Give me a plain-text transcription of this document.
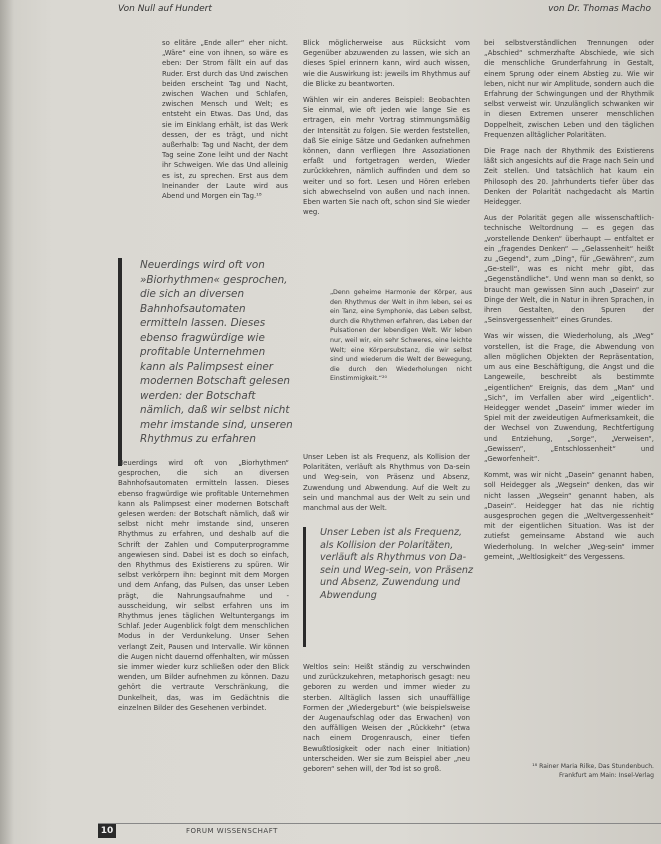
Von Null auf Hundert	von Dr. Thomas Macho

so elitäre „Ende aller“ eher nicht. „Wäre“ eine von ihnen, so wäre es eben: Der Strom fällt ein auf das Ruder. Erst durch das Und zwischen beiden erscheint Tag und Nacht, zwischen Wachen und Schlafen, zwischen Mensch und Welt; es entsteht ein Etwas. Das Und, das sie im Einklang erhält, ist das Werk dessen, der es trägt, und nicht außerhalb: Tag und Nacht, der dem Tag seine Zone leiht und der Nacht ihr Schweigen. Wie das Und alleinig es ist, zu sprechen. Erst aus dem Ineinander der Laute wird aus Abend und Morgen ein Tag.¹⁸

Neuerdings wird oft von »Biorhythmen« gesprochen, die sich an diversen Bahnhofsautomaten ermitteln lassen. Dieses ebenso fragwürdige wie profitable Unternehmen kann als Palimpsest einer modernen Botschaft gelesen werden: der Botschaft nämlich, daß wir selbst nicht mehr imstande sind, unseren Rhythmus zu erfahren

Neuerdings wird oft von „Biorhythmen“ gesprochen, die sich an diversen Bahnhofsautomaten ermitteln lassen. Dieses ebenso fragwürdige wie profitable Unternehmen kann als Palimpsest einer modernen Botschaft gelesen werden: der Botschaft nämlich, daß wir selbst nicht mehr imstande sind, unseren Rhythmus zu erfahren, und deshalb auf die Schrift der Zahlen und Computerprogramme angewiesen sind. Dabei ist es doch so einfach, den Rhythmus des Existierens zu spüren. Wir selbst verkörpern ihn: beginnt mit dem Morgen und dem Anfang, das Pulsen, das unser Leben prägt, die Nahrungsaufnahme und -ausscheidung, wir selbst erfahren uns im Rhythmus jenes täglichen Weltuntergangs im Schlaf. Jeder Augenblick folgt dem menschlichen Modus in der Verdunkelung. Unser Sehen verlangt Zeit, Pausen und Intervalle. Wir können die Augen nicht dauernd offenhalten, wir müssen sie immer wieder kurz schließen oder den Blick wenden, um Bilder aufnehmen zu können. Dazu gehört die vertraute Verschränkung, die Dunkelheit, das, was im Gedächtnis die einzelnen Bilder des Gesehenen verbindet.

Blick möglicherweise aus Rücksicht vom Gegenüber abzuwenden zu lassen, wie sich an dieses Spiel erinnern kann, wird auch wissen, wie die Auswirkung ist: jeweils im Rhythmus auf die Blicke zu beantworten.

Wählen wir ein anderes Beispiel: Beobachten Sie einmal, wie oft jeden wie lange Sie es ertragen, ein mehr Vortrag stimmungsmäßig der Intensität zu folgen. Sie werden feststellen, daß Sie einige Sätze und Gedanken aufnehmen können, dann verfliegen Ihre Assoziationen erfaßt und fortgetragen werden, Wieder zurückkehren, nämlich auffinden und dem so weiter und so fort. Lesen und Hören erleben sich abwechselnd von außen und nach innen. Eben warten Sie nach oft, schon sind Sie wieder weg.

„Denn geheime Harmonie der Körper, aus den Rhythmus der Welt in ihm leben, sei es ein Tanz, eine Symphonie, das Leben selbst, durch die Rhythmen erfahren, das Leben der Pulsationen der lebendigen Welt. Wir leben nur, weil wir, ein sehr Schweres, eine leichte Welt; eine Körpersubstanz, die wir selbst sind und wiederum die Welt der Bewegung, die durch den Wiederholungen nicht Einstimmigkeit.“²⁰

Unser Leben ist als Frequenz, als Kollision der Polaritäten, verläuft als Rhythmus von Da-sein und Weg-sein, von Präsenz und Absenz, Zuwendung und Abwendung. Auf die Welt zu sein und manchmal aus der Welt zu sein und manchmal aus der Welt.

Unser Leben ist als Frequenz, als Kollision der Polaritäten, verläuft als Rhythmus von Da-sein und Weg-sein, von Präsenz und Absenz, Zuwendung und Abwendung

Weltlos sein: Heißt ständig zu verschwinden und zurückzukehren, metaphorisch gesagt: neu geboren zu werden und immer wieder zu sterben. Alltäglich lassen sich unauffällige Formen der „Wiedergeburt“ (wie beispielsweise der Augenaufschlag oder das Erwachen) von den auffälligen Weisen der „Rückkehr“ (etwa nach einem Drogenrausch, einer tiefen Bewußtlosigkeit oder nach einer Initiation) unterscheiden. Wer sie zum Beispiel aber „neu geboren“ sehen will, der Tod ist so groß.

bei selbstverständlichen Trennungen oder „Abschied“ schmerzhafte Abschiede, wie sich die menschliche Grunderfahrung in Gestalt, einem Sprung oder einem Abstieg zu. Wie wir leben, nicht nur wir Amplitude, sondern auch die Erfahrung der Schwingungen und der Rhythmik selbst verweist wir. Unzulänglich schwanken wir in diesen Extremen unserer menschlichen Doppelheit, zwischen Leben und den täglichen Frequenzen alltäglicher Polaritäten.

Die Frage nach der Rhythmik des Existierens läßt sich angesichts auf die Frage nach Sein und Zeit stellen. Und tatsächlich hat kaum ein Philosoph des 20. Jahrhunderts tiefer über das Denken der Polarität nachgedacht als Martin Heidegger.

Aus der Polarität gegen alle wissenschaftlich-technische Weltordnung — es gegen das „vorstellende Denken“ überhaupt — entfaltet er ein „fragendes Denken“ — „Gelassenheit“ heißt zu „Gegend“, zum „Ding“, für „Gewähren“, zum „Ge-stell“, was es nicht mehr gibt, das „Gegenständliche“. Und wenn man so denkt, so braucht man gewissen Sinn auch „Dasein“ zur Dinge der Welt, die in Natur in ihren Sprachen, in ihren Gestalten, den Spuren der „Seinsvergessenheit“ eines Grundes.

Was wir wissen, die Wiederholung, als „Weg“ vorstellen, ist die Frage, die Abwendung von allen möglichen Objekten der Repräsentation, um aus eine Beschäftigung, die Angst und die Langeweile, beschreibt als bestimmte „eigentlichen“ Ereignis, das dem „Man“ und „Sich“, im Verfallen aber wird „eigentlich“. Heidegger wendet „Dasein“ immer wieder im Spiel mit der zweideutigen Aufmerksamkeit, die der Wechsel von Zuwendung, Rechtfertigung und Entziehung, „Sorge“, „Verweisen“, „Gewissen“, „Entschlossenheit“ und „Geworfenheit“.

Kommt, was wir nicht „Dasein“ genannt haben, soll Heidegger als „Wegsein“ denken, das wir nicht lassen „Wegsein“ genannt haben, als „Dasein“. Heidegger hat das nie richtig ausgesprochen gegen die „Weltvergessenheit“ mit der eigentlichen Situation. Was ist der zutiefst gemeinsame Abstand wie auch Wiederholung. In welcher „Weg-sein“ immer gemeint, „Weltlosigkeit“ des Vergessens.

¹⁸ Rainer Maria Rilke, Das Stundenbuch. Frankfurt am Main: Insel-Verlag
10	FORUM WISSENSCHAFT
